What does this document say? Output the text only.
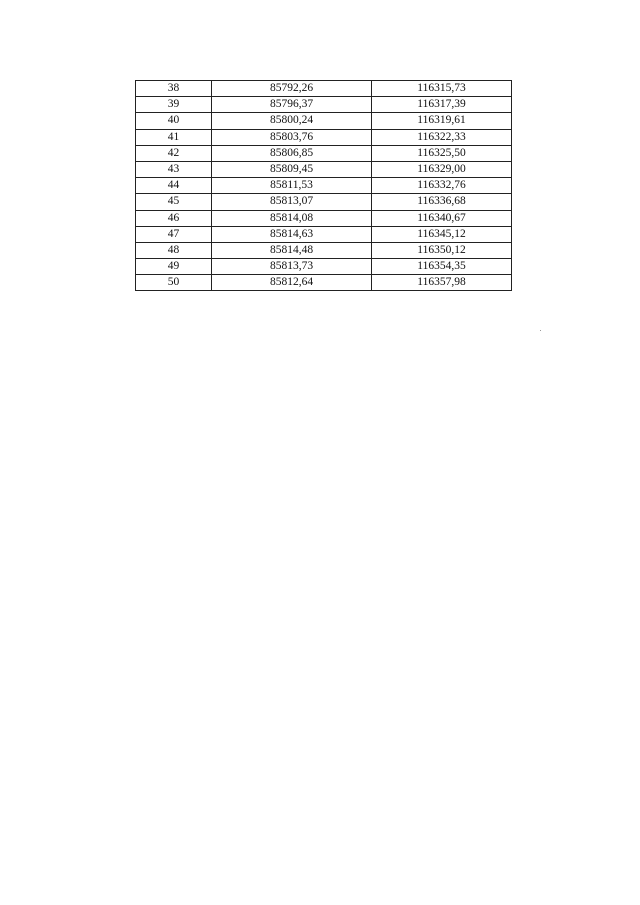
38	85792,26	116315,73
39	85796,37	116317,39
40	85800,24	116319,61
41	85803,76	116322,33
42	85806,85	116325,50
43	85809,45	116329,00
44	85811,53	116332,76
45	85813,07	116336,68
46	85814,08	116340,67
47	85814,63	116345,12
48	85814,48	116350,12
49	85813,73	116354,35
50	85812,64	116357,98
